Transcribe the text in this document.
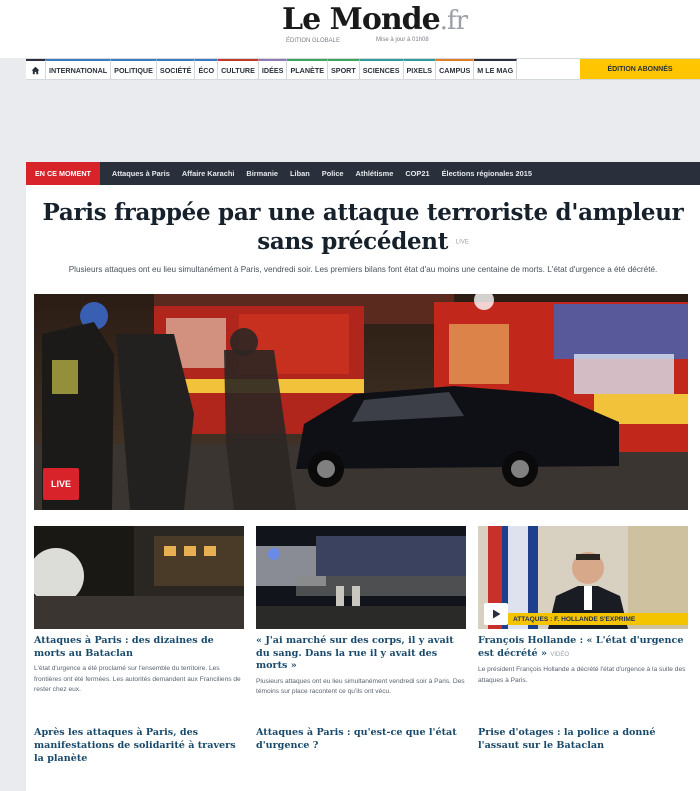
Le Monde.fr
ÉDITION GLOBALE	Mise à jour à 01h08
INTERNATIONAL POLITIQUE SOCIÉTÉ ÉCO CULTURE IDÉES PLANÈTE SPORT SCIENCES PIXELS CAMPUS M LE MAG	ÉDITION ABONNÉS
EN CE MOMENT	Attaques à Paris Affaire Karachi Birmanie Liban Police Athlétisme COP21 Élections régionales 2015
Paris frappée par une attaque terroriste d'ampleur sans précédent LIVE

Plusieurs attaques ont eu lieu simultanément à Paris, vendredi soir. Les premiers bilans font état d'au moins une centaine de morts. L'état d'urgence a été décrété.

LIVE
Attaques à Paris : des dizaines de morts au Bataclan

L'état d'urgence a été proclamé sur l'ensemble du territoire. Les frontières ont été fermées. Les autorités demandent aux Franciliens de rester chez eux.

« J'ai marché sur des corps, il y avait du sang. Dans la rue il y avait des morts »

Plusieurs attaques ont eu lieu simultanément vendredi soir à Paris. Des témoins sur place racontent ce qu'ils ont vécu.

ATTAQUES : F. HOLLANDE S'EXPRIME
François Hollande : « L'état d'urgence est décrété » VIDÉO

Le président François Hollande a décrété l'état d'urgence à la suite des attaques à Paris.

Après les attaques à Paris, des manifestations de solidarité à travers la planète
Attaques à Paris : qu'est-ce que l'état d'urgence ?
Prise d'otages : la police a donné l'assaut sur le Bataclan
